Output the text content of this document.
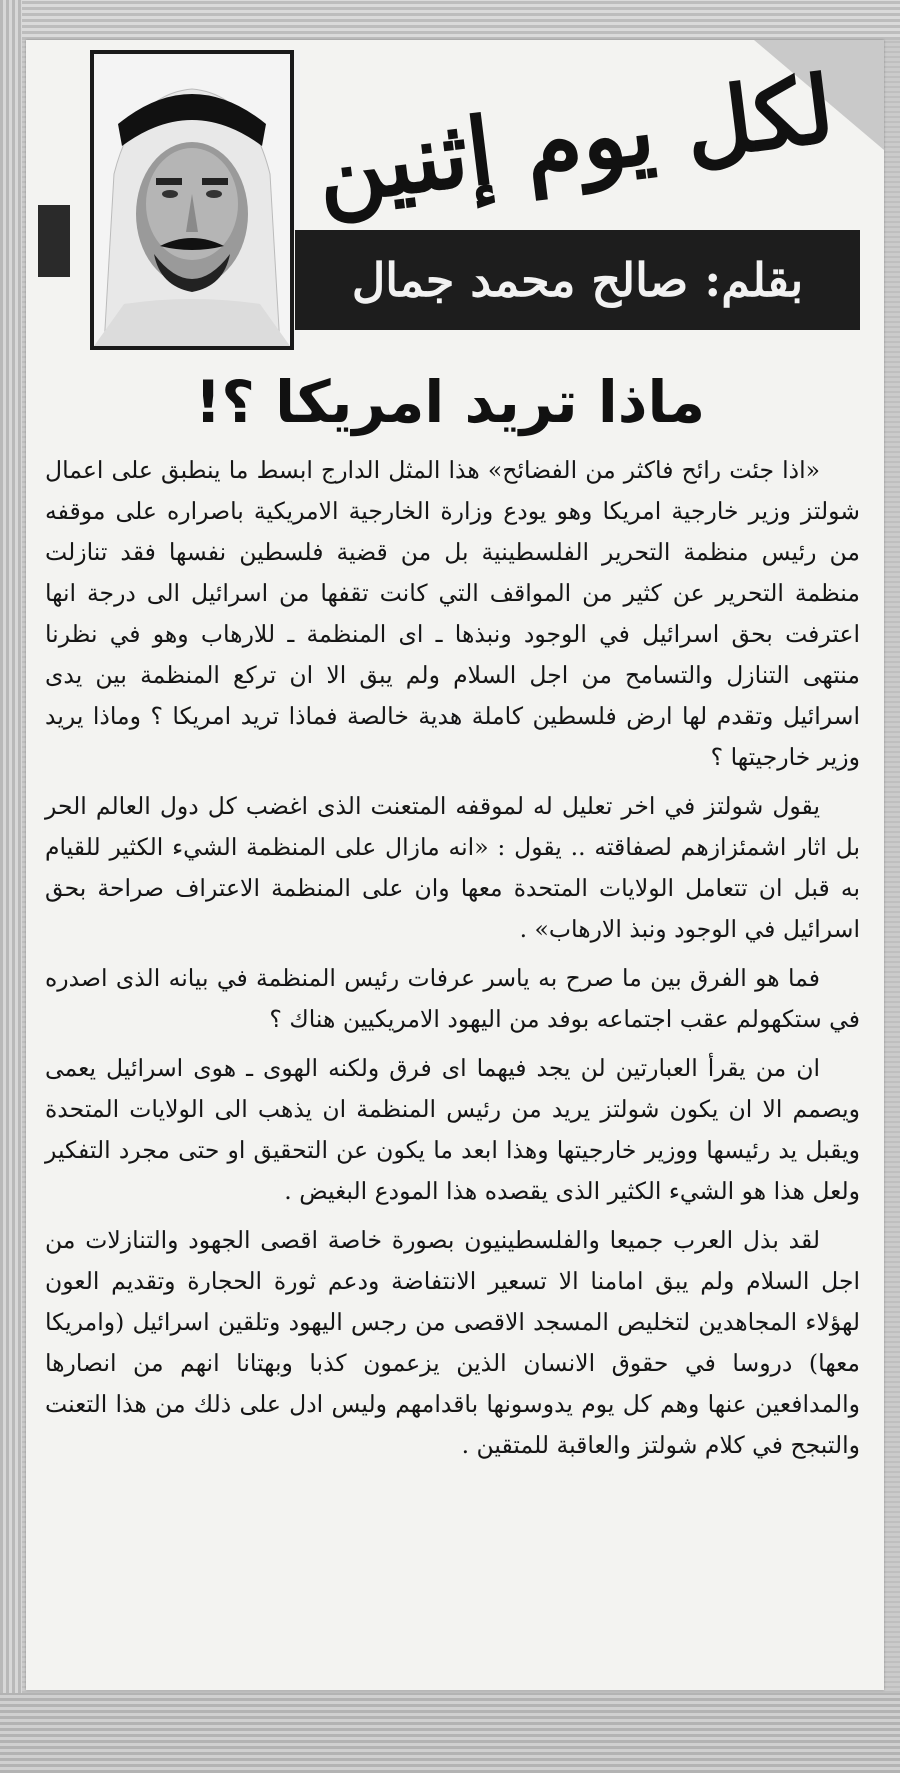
لكل يوم إثنين
بقلم: صالح محمد جمال
ماذا تريد امريكا ؟!

«اذا جئت رائح فاكثر من الفضائح» هذا المثل الدارج ابسط ما ينطبق على اعمال شولتز وزير خارجية امريكا وهو يودع وزارة الخارجية الامريكية باصراره على موقفه من رئيس منظمة التحرير الفلسطينية بل من قضية فلسطين نفسها فقد تنازلت منظمة التحرير عن كثير من المواقف التي كانت تقفها من اسرائيل الى درجة انها اعترفت بحق اسرائيل في الوجود ونبذها ـ اى المنظمة ـ للارهاب وهو في نظرنا منتهى التنازل والتسامح من اجل السلام ولم يبق الا ان تركع المنظمة بين يدى اسرائيل وتقدم لها ارض فلسطين كاملة هدية خالصة فماذا تريد امريكا ؟ وماذا يريد وزير خارجيتها ؟

يقول شولتز في اخر تعليل له لموقفه المتعنت الذى اغضب كل دول العالم الحر بل اثار اشمئزازهم لصفاقته .. يقول : «انه مازال على المنظمة الشيء الكثير للقيام به قبل ان تتعامل الولايات المتحدة معها وان على المنظمة الاعتراف صراحة بحق اسرائيل في الوجود ونبذ الارهاب» .

فما هو الفرق بين ما صرح به ياسر عرفات رئيس المنظمة في بيانه الذى اصدره في ستكهولم عقب اجتماعه بوفد من اليهود الامريكيين هناك ؟

ان من يقرأ العبارتين لن يجد فيهما اى فرق ولكنه الهوى ـ هوى اسرائيل يعمى ويصمم الا ان يكون شولتز يريد من رئيس المنظمة ان يذهب الى الولايات المتحدة ويقبل يد رئيسها ووزير خارجيتها وهذا ابعد ما يكون عن التحقيق او حتى مجرد التفكير ولعل هذا هو الشيء الكثير الذى يقصده هذا المودع البغيض .

لقد بذل العرب جميعا والفلسطينيون بصورة خاصة اقصى الجهود والتنازلات من اجل السلام ولم يبق امامنا الا تسعير الانتفاضة ودعم ثورة الحجارة وتقديم العون لهؤلاء المجاهدين لتخليص المسجد الاقصى من رجس اليهود وتلقين اسرائيل (وامريكا معها) دروسا في حقوق الانسان الذين يزعمون كذبا وبهتانا انهم من انصارها والمدافعين عنها وهم كل يوم يدوسونها باقدامهم وليس ادل على ذلك من هذا التعنت والتبجح في كلام شولتز والعاقبة للمتقين .
